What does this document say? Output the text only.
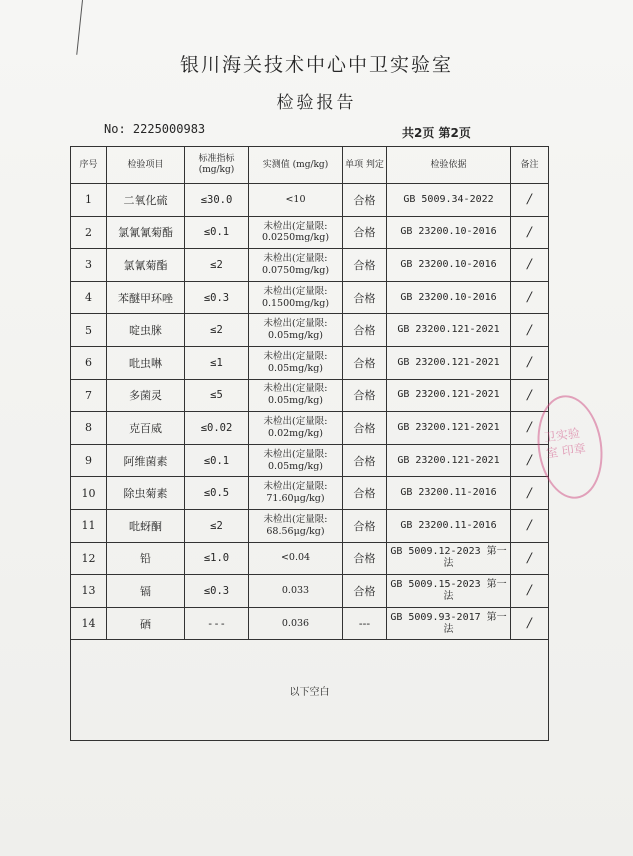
银川海关技术中心中卫实验室
检验报告
No: 2225000983	共2页 第2页
序号	检验项目	标准指标 (mg/kg)	实测值 (mg/kg)	单项 判定	检验依据	备注
1	二氧化硫	≤30.0	<10	合格	GB 5009.34-2022	/
2	氯氰氰菊酯	≤0.1	未检出(定量限: 0.0250mg/kg)	合格	GB 23200.10-2016	/
3	氯氰菊酯	≤2	未检出(定量限: 0.0750mg/kg)	合格	GB 23200.10-2016	/
4	苯醚甲环唑	≤0.3	未检出(定量限: 0.1500mg/kg)	合格	GB 23200.10-2016	/
5	啶虫脒	≤2	未检出(定量限: 0.05mg/kg)	合格	GB 23200.121-2021	/
6	吡虫啉	≤1	未检出(定量限: 0.05mg/kg)	合格	GB 23200.121-2021	/
7	多菌灵	≤5	未检出(定量限: 0.05mg/kg)	合格	GB 23200.121-2021	/
8	克百威	≤0.02	未检出(定量限: 0.02mg/kg)	合格	GB 23200.121-2021	/
9	阿维菌素	≤0.1	未检出(定量限: 0.05mg/kg)	合格	GB 23200.121-2021	/
10	除虫菊素	≤0.5	未检出(定量限: 71.60μg/kg)	合格	GB 23200.11-2016	/
11	吡蚜酮	≤2	未检出(定量限: 68.56μg/kg)	合格	GB 23200.11-2016	/
12	铅	≤1.0	<0.04	合格	GB 5009.12-2023 第一法	/
13	镉	≤0.3	0.033	合格	GB 5009.15-2023 第一法	/
14	硒	---	0.036	---	GB 5009.93-2017 第一法	/
以下空白						
卫实验室 印章
